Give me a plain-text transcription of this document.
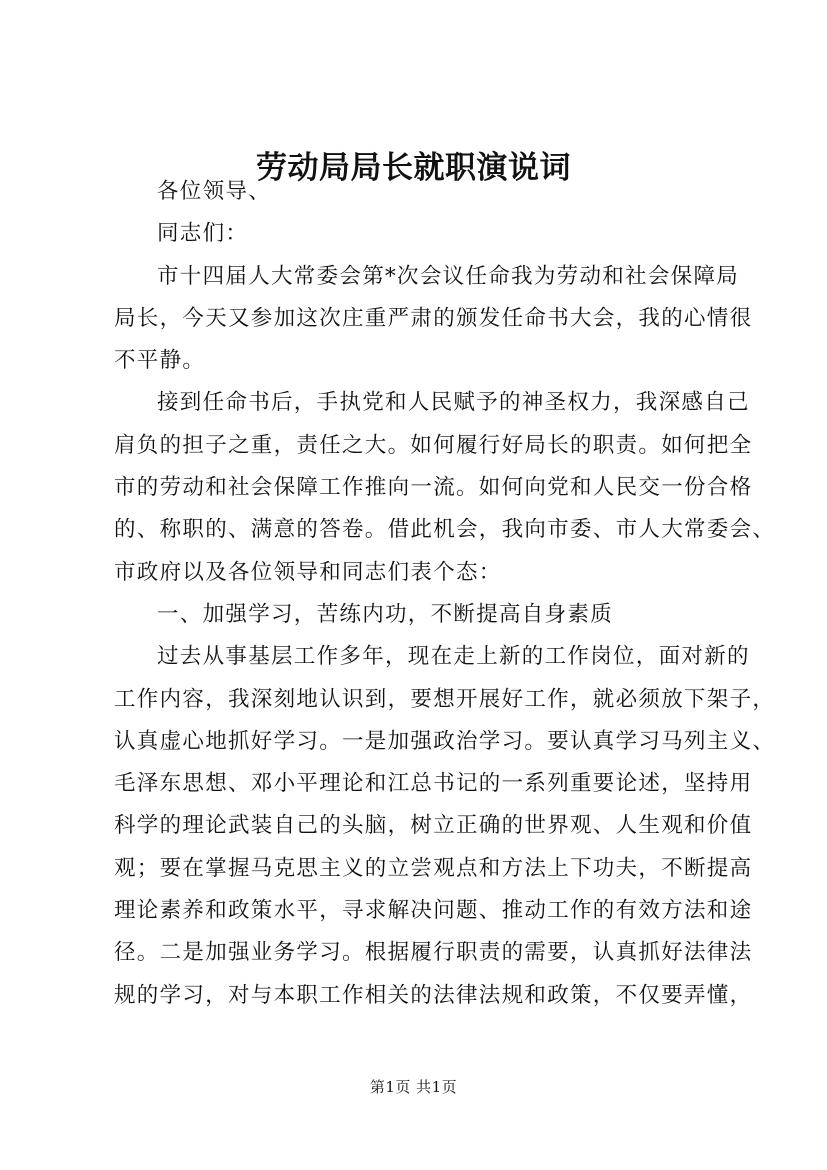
劳动局局长就职演说词
各位领导、
同志们：
市十四届人大常委会第*次会议任命我为劳动和社会保障局
局长，今天又参加这次庄重严肃的颁发任命书大会，我的心情很
不平静。
接到任命书后，手执党和人民赋予的神圣权力，我深感自己
肩负的担子之重，责任之大。如何履行好局长的职责。如何把全
市的劳动和社会保障工作推向一流。如何向党和人民交一份合格
的、称职的、满意的答卷。借此机会，我向市委、市人大常委会、
市政府以及各位领导和同志们表个态：
一、加强学习，苦练内功，不断提高自身素质
过去从事基层工作多年，现在走上新的工作岗位，面对新的
工作内容，我深刻地认识到，要想开展好工作，就必须放下架子，
认真虚心地抓好学习。一是加强政治学习。要认真学习马列主义、
毛泽东思想、邓小平理论和江总书记的一系列重要论述，坚持用
科学的理论武装自己的头脑，树立正确的世界观、人生观和价值
观；要在掌握马克思主义的立尝观点和方法上下功夫，不断提高
理论素养和政策水平，寻求解决问题、推动工作的有效方法和途
径。二是加强业务学习。根据履行职责的需要，认真抓好法律法
规的学习，对与本职工作相关的法律法规和政策，不仅要弄懂，
第1页 共1页
